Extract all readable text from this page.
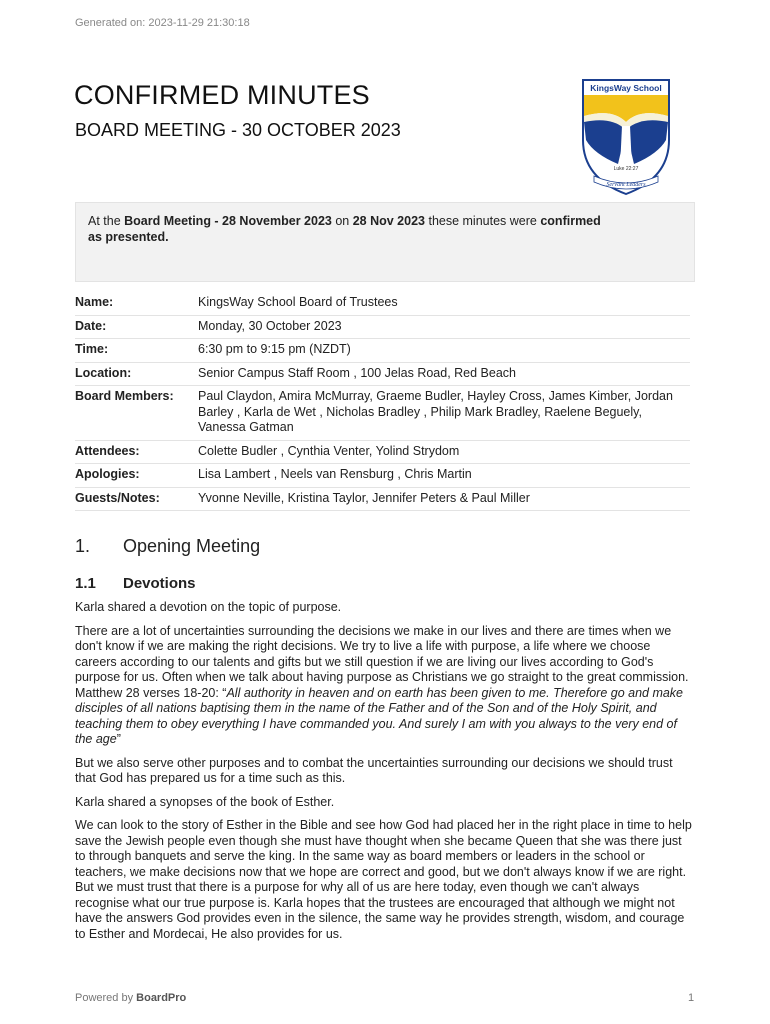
Generated on: 2023-11-29 21:30:18
CONFIRMED MINUTES
BOARD MEETING - 30 OCTOBER 2023
KingsWay School
Luke 22:27
Servant Leaders
At the Board Meeting - 28 November 2023 on 28 Nov 2023 these minutes were confirmed
as presented.
Name:	KingsWay School Board of Trustees
Date:	Monday, 30 October 2023
Time:	6:30 pm to 9:15 pm (NZDT)
Location:	Senior Campus Staff Room , 100 Jelas Road, Red Beach
Board Members:	Paul Claydon, Amira McMurray, Graeme Budler, Hayley Cross, James Kimber, Jordan Barley , Karla de Wet , Nicholas Bradley , Philip Mark Bradley, Raelene Beguely, Vanessa Gatman
Attendees:	Colette Budler , Cynthia Venter, Yolind Strydom
Apologies:	Lisa Lambert , Neels van Rensburg , Chris Martin
Guests/Notes:	Yvonne Neville, Kristina Taylor, Jennifer Peters & Paul Miller
1. Opening Meeting
1.1 Devotions

Karla shared a devotion on the topic of purpose.

There are a lot of uncertainties surrounding the decisions we make in our lives and there are times when we don't know if we are making the right decisions. We try to live a life with purpose, a life where we choose careers according to our talents and gifts but we still question if we are living our lives according to God's purpose for us. Often when we talk about having purpose as Christians we go straight to the great commission. Matthew 28 verses 18-20: “All authority in heaven and on earth has been given to me. Therefore go and make disciples of all nations baptising them in the name of the Father and of the Son and of the Holy Spirit, and teaching them to obey everything I have commanded you. And surely I am with you always to the very end of the age”

But we also serve other purposes and to combat the uncertainties surrounding our decisions we should trust that God has prepared us for a time such as this.

Karla shared a synopses of the book of Esther.

We can look to the story of Esther in the Bible and see how God had placed her in the right place in time to help save the Jewish people even though she must have thought when she became Queen that she was there just to through banquets and serve the king. In the same way as board members or leaders in the school or teachers, we make decisions now that we hope are correct and good, but we don't always know if we are right. But we must trust that there is a purpose for why all of us are here today, even though we can't always recognise what our true purpose is. Karla hopes that the trustees are encouraged that although we might not have the answers God provides even in the silence, the same way he provides strength, wisdom, and courage to Esther and Mordecai, He also provides for us.

Powered by BoardPro	1
